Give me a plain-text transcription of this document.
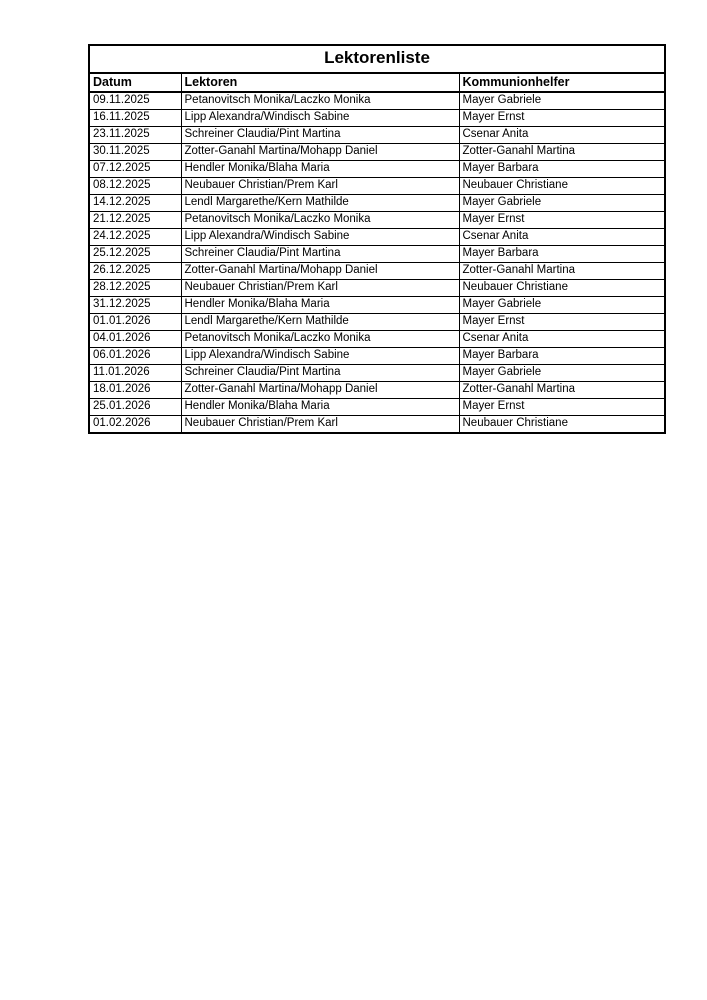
Lektorenliste		
Datum	Lektoren	Kommunionhelfer
09.11.2025	Petanovitsch Monika/Laczko Monika	Mayer Gabriele
16.11.2025	Lipp Alexandra/Windisch Sabine	Mayer Ernst
23.11.2025	Schreiner Claudia/Pint Martina	Csenar Anita
30.11.2025	Zotter-Ganahl Martina/Mohapp Daniel	Zotter-Ganahl Martina
07.12.2025	Hendler Monika/Blaha Maria	Mayer Barbara
08.12.2025	Neubauer Christian/Prem Karl	Neubauer Christiane
14.12.2025	Lendl Margarethe/Kern Mathilde	Mayer Gabriele
21.12.2025	Petanovitsch Monika/Laczko Monika	Mayer Ernst
24.12.2025	Lipp Alexandra/Windisch Sabine	Csenar Anita
25.12.2025	Schreiner Claudia/Pint Martina	Mayer Barbara
26.12.2025	Zotter-Ganahl Martina/Mohapp Daniel	Zotter-Ganahl Martina
28.12.2025	Neubauer Christian/Prem Karl	Neubauer Christiane
31.12.2025	Hendler Monika/Blaha Maria	Mayer Gabriele
01.01.2026	Lendl Margarethe/Kern Mathilde	Mayer Ernst
04.01.2026	Petanovitsch Monika/Laczko Monika	Csenar Anita
06.01.2026	Lipp Alexandra/Windisch Sabine	Mayer Barbara
11.01.2026	Schreiner Claudia/Pint Martina	Mayer Gabriele
18.01.2026	Zotter-Ganahl Martina/Mohapp Daniel	Zotter-Ganahl Martina
25.01.2026	Hendler Monika/Blaha Maria	Mayer Ernst
01.02.2026	Neubauer Christian/Prem Karl	Neubauer Christiane
